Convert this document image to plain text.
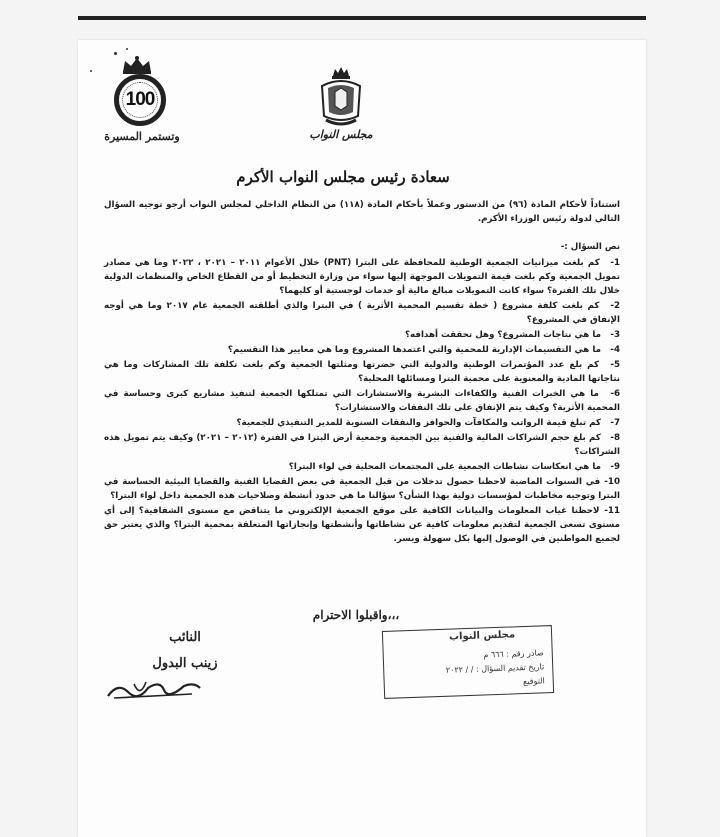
100
وتستمر المسيرة	مجلس النواب
سعادة رئيس مجلس النواب الأكرم

استناداً لأحكام المادة (٩٦) من الدستور وعملاً بأحكام المادة (١١٨) من النظام الداخلي لمجلس النواب أرجو توجيه السؤال التالي لدولة رئيس الوزراء الأكرم.

نص السؤال :-

1- كم بلغت ميزانيات الجمعية الوطنية للمحافظة على البترا (PNT) خلال الأعوام ٢٠١١ – ٢٠٢١ ، ٢٠٢٢ وما هي مصادر تمويل الجمعية وكم بلغت قيمة التمويلات الموجهة إليها سواء من وزارة التخطيط أو من القطاع الخاص والمنظمات الدولية خلال تلك الفترة؟ سواء كانت التمويلات مبالغ مالية أو خدمات لوجستية أو كليهما؟
2- كم بلغت كلفة مشروع ( خطة تقسيم المحمية الأثرية ) في البترا والذي أطلقته الجمعية عام ٢٠١٧ وما هي أوجه الإنفاق في المشروع؟
3- ما هي نتاجات المشروع؟ وهل تحققت أهدافه؟
4- ما هي التقسيمات الإدارية للمحمية والتي اعتمدها المشروع وما هي معايير هذا التقسيم؟
5- كم بلغ عدد المؤتمرات الوطنية والدولية التي حضرتها ومثلتها الجمعية وكم بلغت تكلفة تلك المشاركات وما هي نتاجاتها المادية والمعنوية على محمية البترا ومسائلها المحلية؟
6- ما هي الخبرات الفنية والكفاءات البشرية والاستشارات التي تمتلكها الجمعية لتنفيذ مشاريع كبرى وحساسة في المحمية الأثرية؟ وكيف يتم الإنفاق على تلك النفقات والاستشارات؟
7- كم تبلغ قيمة الرواتب والمكافآت والحوافز والنفقات السنوية للمدير التنفيذي للجمعية؟
8- كم بلغ حجم الشراكات المالية والفنية بين الجمعية وجمعية أرض البترا في الفترة (٢٠١٢ – ٢٠٢١) وكيف يتم تمويل هذه الشراكات؟
9- ما هي انعكاسات نشاطات الجمعية على المجتمعات المحلية في لواء البترا؟
10- في السنوات الماضية لاحظنا حصول تدخلات من قبل الجمعية في بعض القضايا الفنية والقضايا البيئية الحساسة في البترا وتوجيه مخاطبات لمؤسسات دولية بهذا الشأن؟ سؤالنا ما هي حدود أنشطة وصلاحيات هذه الجمعية داخل لواء البترا؟
11- لاحظنا غياب المعلومات والبيانات الكافية على موقع الجمعية الإلكتروني ما يتناقض مع مستوى الشفافية؟ إلى أي مستوى تسعى الجمعية لتقديم معلومات كافية عن نشاطاتها وأنشطتها وإنجازاتها المتعلقة بمحمية البترا؟ والذي يعتبر حق لجميع المواطنين في الوصول إليها بكل سهولة ويسر.
واقبلوا الاحترام،،،
النائب
زينب البدول
مجلس النواب
صادر رقم : ٦٦٦ م
تاريخ تقديم السؤال : / / ٢٠٢٢
التوقيع
